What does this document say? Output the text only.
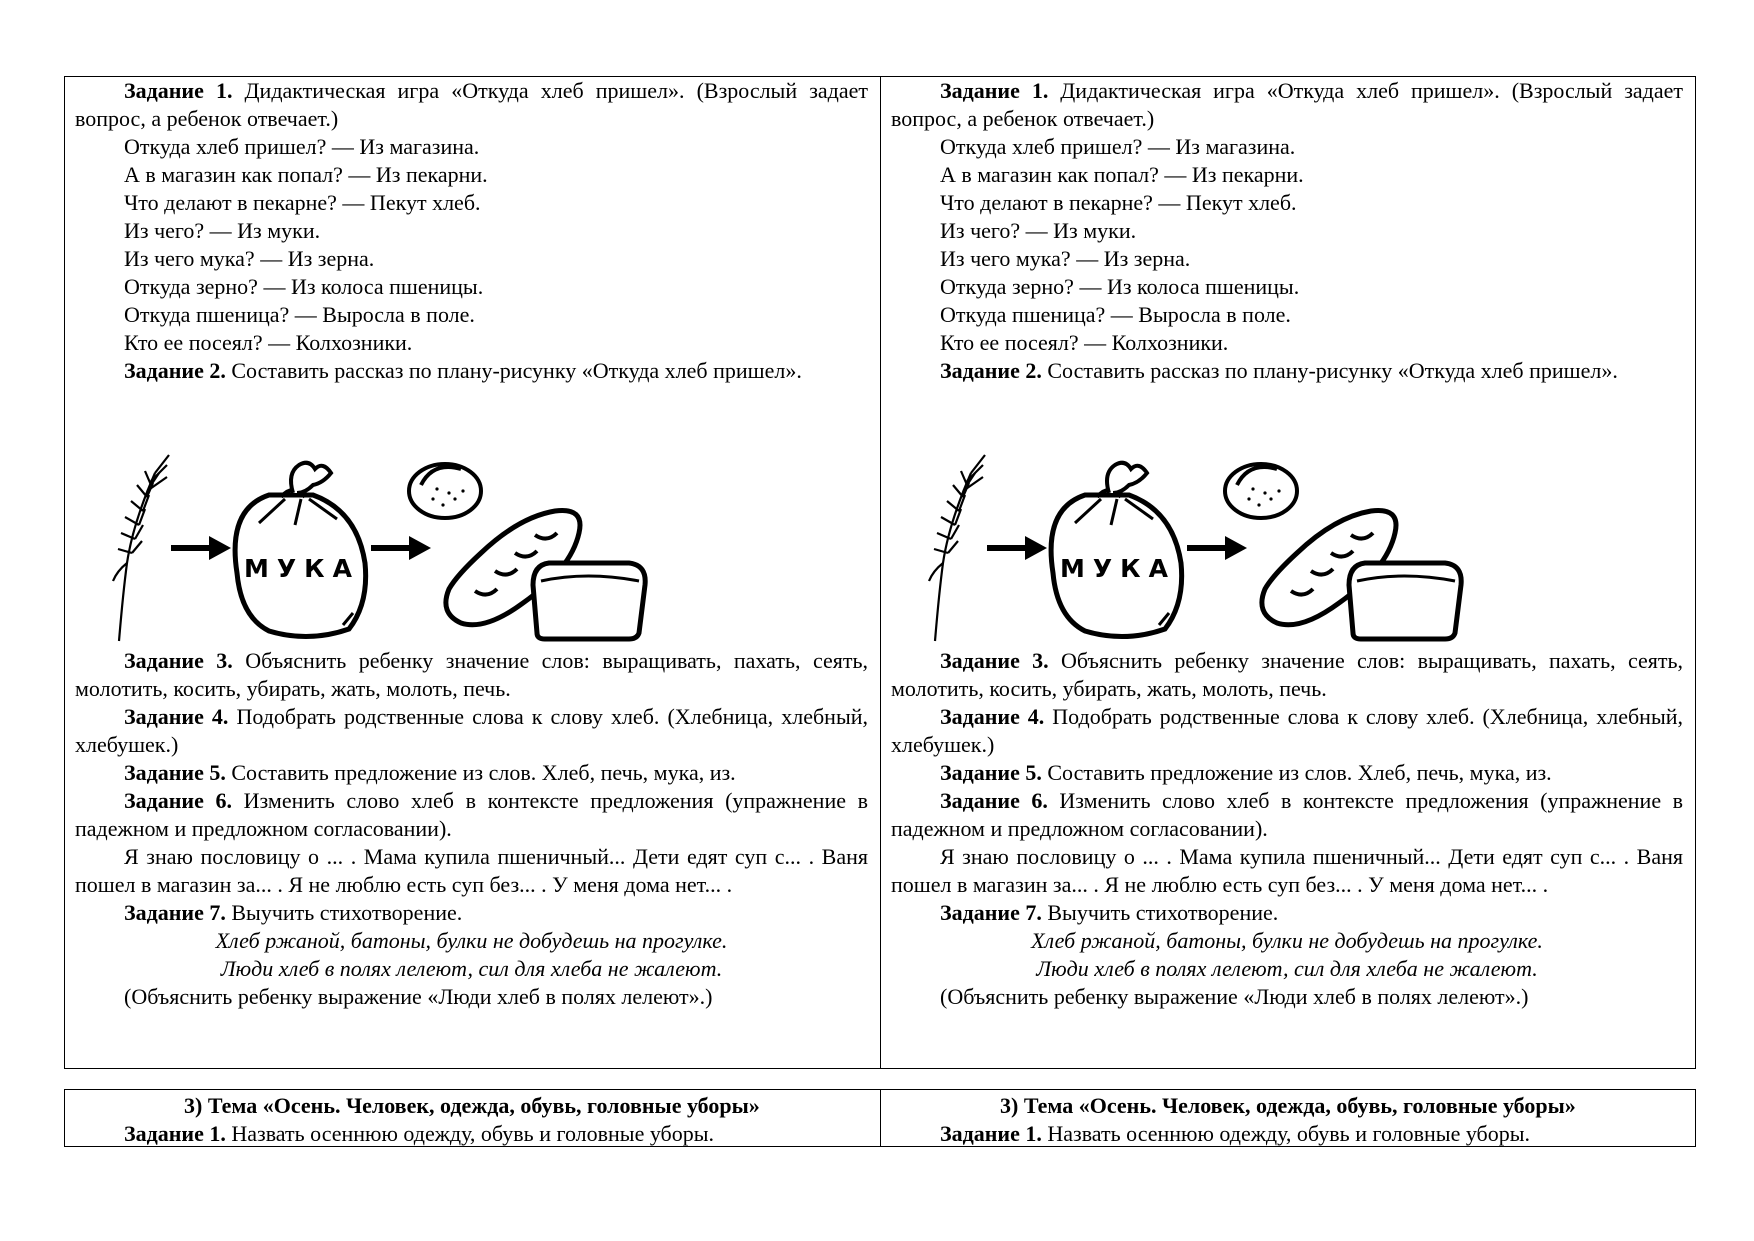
Задание 1. Дидактическая игра «Откуда хлеб пришел». (Взрослый задает вопрос, а ребенок отвечает.)

Откуда хлеб пришел? — Из магазина.

А в магазин как попал? — Из пекарни.

Что делают в пекарне? — Пекут хлеб.

Из чего? — Из муки.

Из чего мука? — Из зерна.

Откуда зерно? — Из колоса пшеницы.

Откуда пшеница? — Выросла в поле.

Кто ее посеял? — Колхозники.

Задание 2. Составить рассказ по плану-рисунку «Откуда хлеб пришел».

МУКА

Задание 3. Объяснить ребенку значение слов: выращивать, пахать, сеять, молотить, косить, убирать, жать, молоть, печь.

Задание 4. Подобрать родственные слова к слову хлеб. (Хлебница, хлебный, хлебушек.)

Задание 5. Составить предложение из слов. Хлеб, печь, мука, из.

Задание 6. Изменить слово хлеб в контексте предложения (упражнение в падежном и предложном согласовании).

Я знаю пословицу о ... . Мама купила пшеничный... Дети едят суп с... . Ваня пошел в магазин за... . Я не люблю есть суп без... . У меня дома нет... .

Задание 7. Выучить стихотворение.

Хлеб ржаной, батоны, булки не добудешь на прогулке.

Люди хлеб в полях лелеют, сил для хлеба не жалеют.

(Объяснить ребенку выражение «Люди хлеб в полях лелеют».)

Задание 1. Дидактическая игра «Откуда хлеб пришел». (Взрослый задает вопрос, а ребенок отвечает.)

Откуда хлеб пришел? — Из магазина.

А в магазин как попал? — Из пекарни.

Что делают в пекарне? — Пекут хлеб.

Из чего? — Из муки.

Из чего мука? — Из зерна.

Откуда зерно? — Из колоса пшеницы.

Откуда пшеница? — Выросла в поле.

Кто ее посеял? — Колхозники.

Задание 2. Составить рассказ по плану-рисунку «Откуда хлеб пришел».

МУКА

Задание 3. Объяснить ребенку значение слов: выращивать, пахать, сеять, молотить, косить, убирать, жать, молоть, печь.

Задание 4. Подобрать родственные слова к слову хлеб. (Хлебница, хлебный, хлебушек.)

Задание 5. Составить предложение из слов. Хлеб, печь, мука, из.

Задание 6. Изменить слово хлеб в контексте предложения (упражнение в падежном и предложном согласовании).

Я знаю пословицу о ... . Мама купила пшеничный... Дети едят суп с... . Ваня пошел в магазин за... . Я не люблю есть суп без... . У меня дома нет... .

Задание 7. Выучить стихотворение.

Хлеб ржаной, батоны, булки не добудешь на прогулке.

Люди хлеб в полях лелеют, сил для хлеба не жалеют.

(Объяснить ребенку выражение «Люди хлеб в полях лелеют».)

3) Тема «Осень. Человек, одежда, обувь, головные уборы»

Задание 1. Назвать осеннюю одежду, обувь и головные уборы.

3) Тема «Осень. Человек, одежда, обувь, головные уборы»

Задание 1. Назвать осеннюю одежду, обувь и головные уборы.
